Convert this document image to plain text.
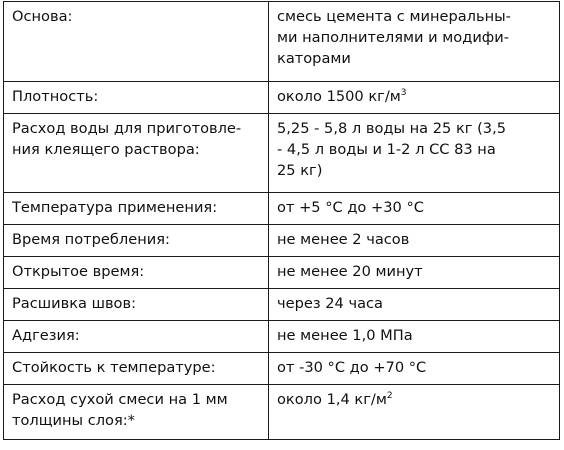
Основа:	смесь цемента с минеральны-
ми наполнителями и модифи-
каторами
Плотность:	около 1500 $кг/м^3$
Расход воды для приготовле-
ния клеящего раствора:	5,25 - 5,8 л воды на 25 кг (3,5
- 4,5 л воды и 1-2 л СС 83 на
25 кг)
Температура применения:	от +5 °С до +30 °С
Время потребления:	не менее 2 часов
Открытое время:	не менее 20 минут
Расшивка швов:	через 24 часа
Адгезия:	не менее 1,0 МПа
Стойкость к температуре:	от -30 °С до +70 °С
Расход сухой смеси на 1 мм
толщины слоя:*	около 1,4 $кг/м^2$
